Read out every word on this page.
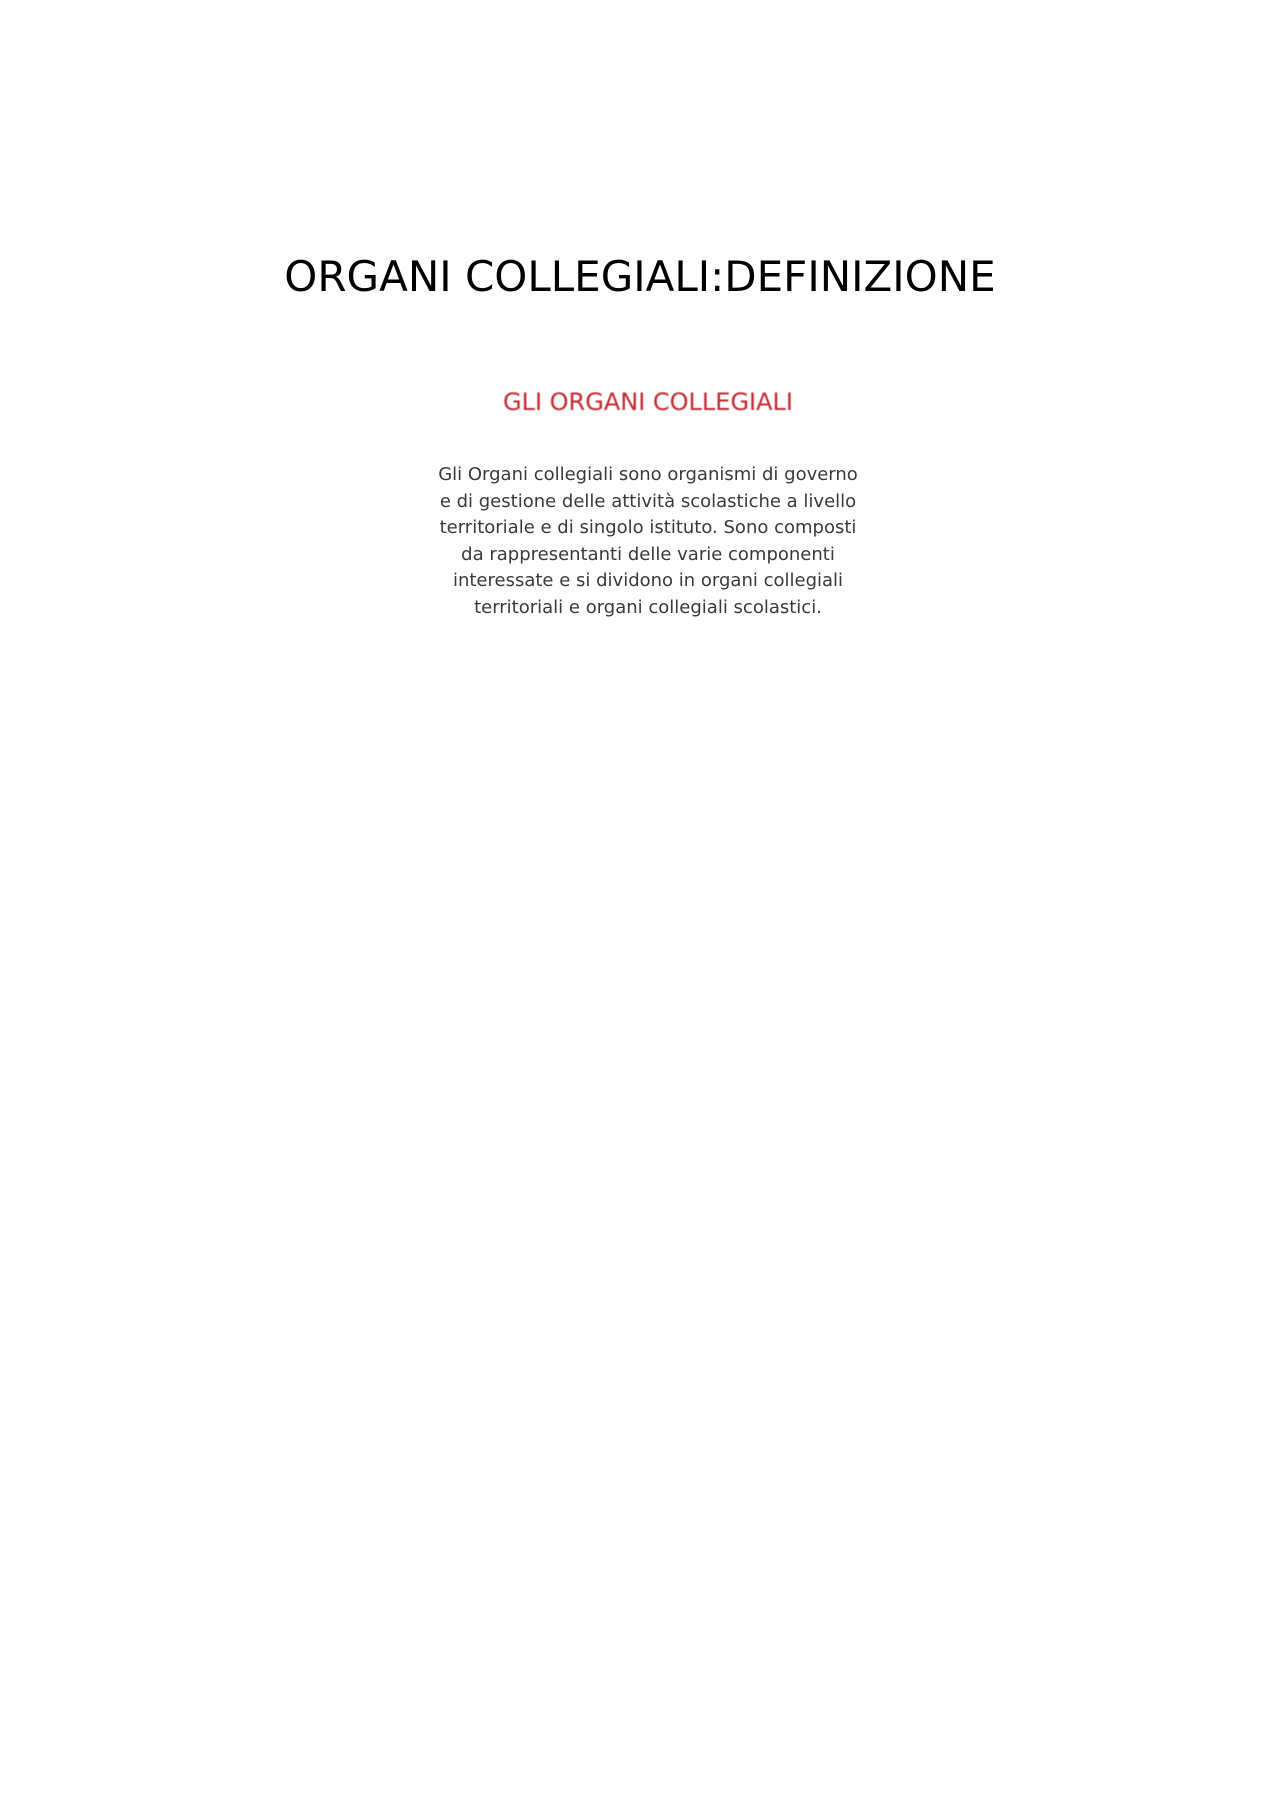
ORGANI COLLEGIALI:DEFINIZIONE
GLI ORGANI COLLEGIALI

Gli Organi collegiali sono organismi di governo
e di gestione delle attività scolastiche a livello
territoriale e di singolo istituto. Sono composti
da rappresentanti delle varie componenti
interessate e si dividono in organi collegiali
territoriali e organi collegiali scolastici.
